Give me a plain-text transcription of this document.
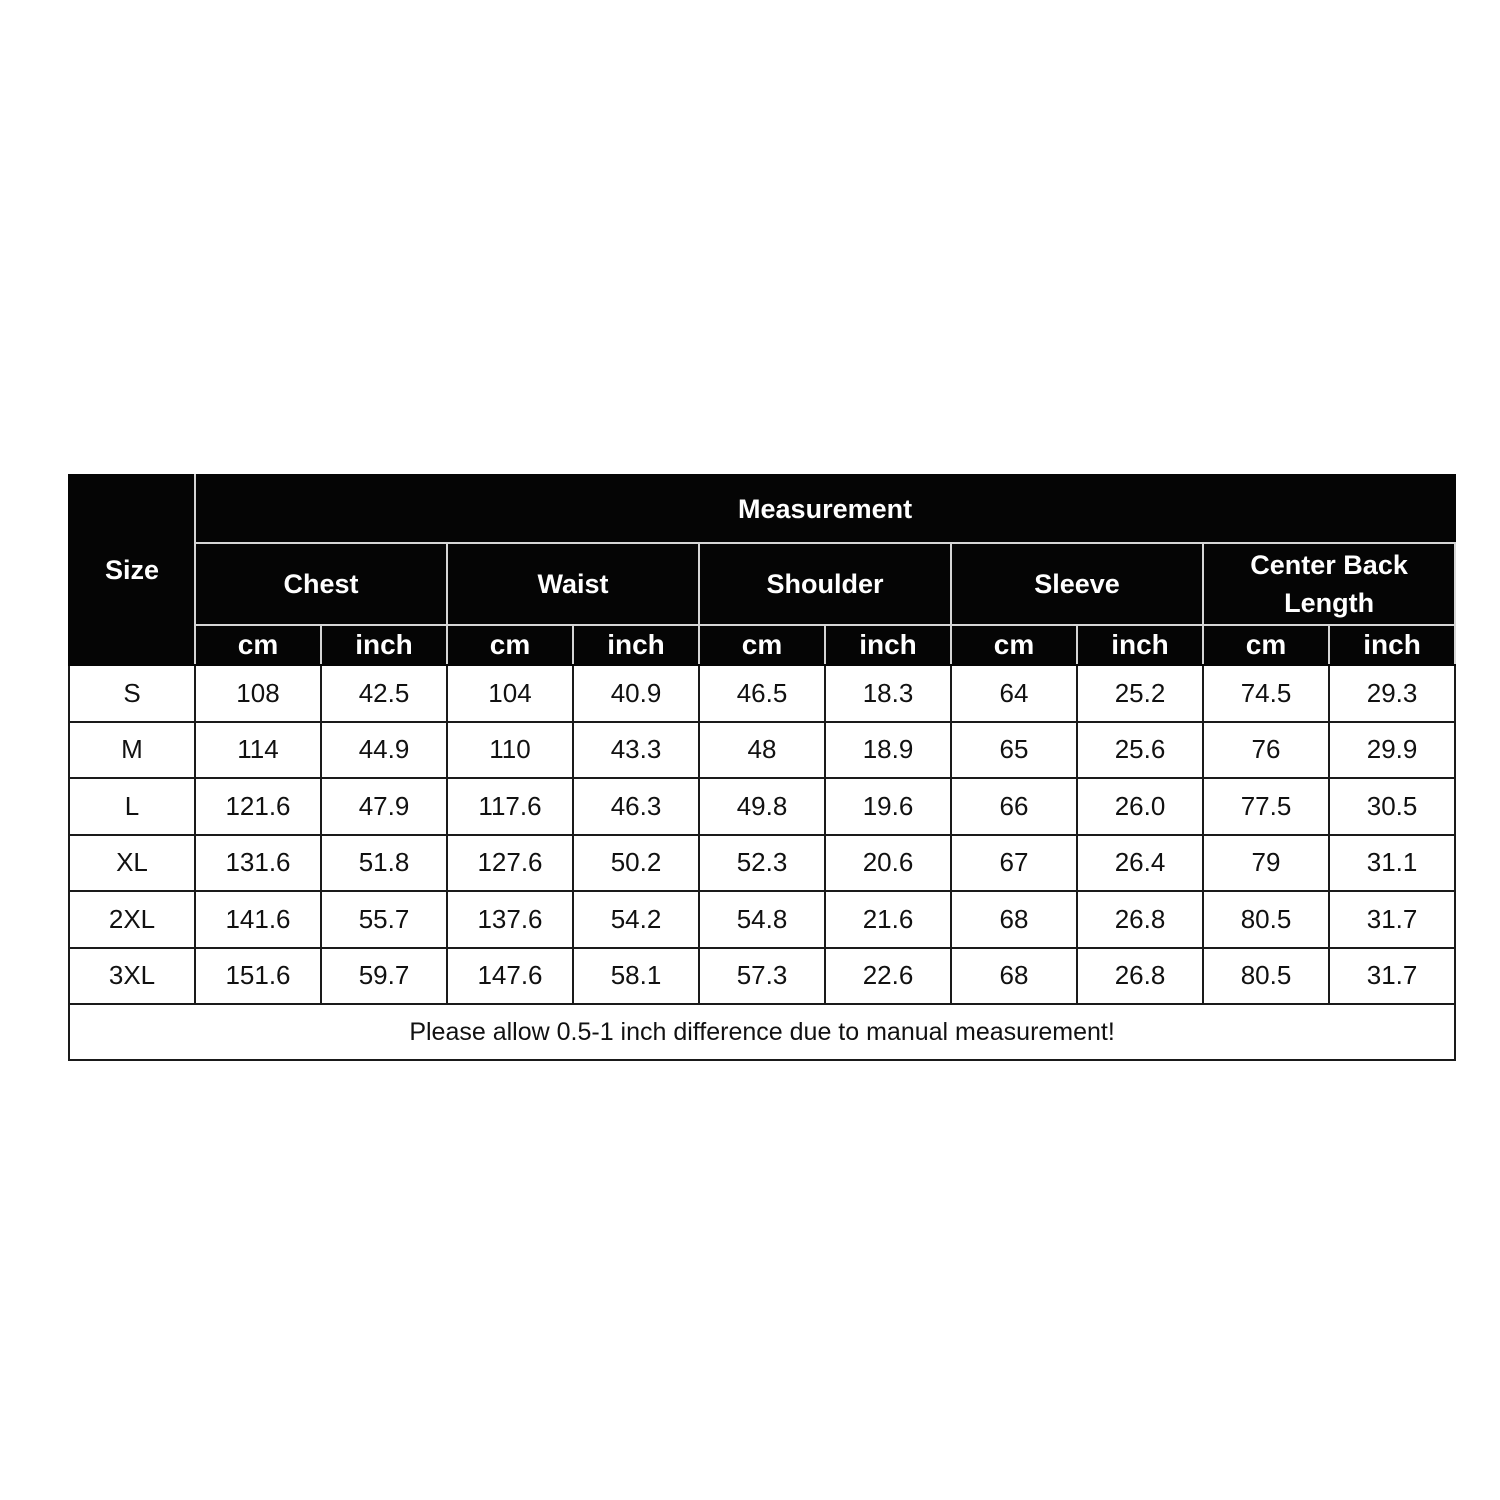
Size	Measurement									
	Chest		Waist		Shoulder		Sleeve		Center Back Length	
	cm	inch	cm	inch	cm	inch	cm	inch	cm	inch
S	108	42.5	104	40.9	46.5	18.3	64	25.2	74.5	29.3
M	114	44.9	110	43.3	48	18.9	65	25.6	76	29.9
L	121.6	47.9	117.6	46.3	49.8	19.6	66	26.0	77.5	30.5
XL	131.6	51.8	127.6	50.2	52.3	20.6	67	26.4	79	31.1
2XL	141.6	55.7	137.6	54.2	54.8	21.6	68	26.8	80.5	31.7
3XL	151.6	59.7	147.6	58.1	57.3	22.6	68	26.8	80.5	31.7
Please allow 0.5-1 inch difference due to manual measurement!										
